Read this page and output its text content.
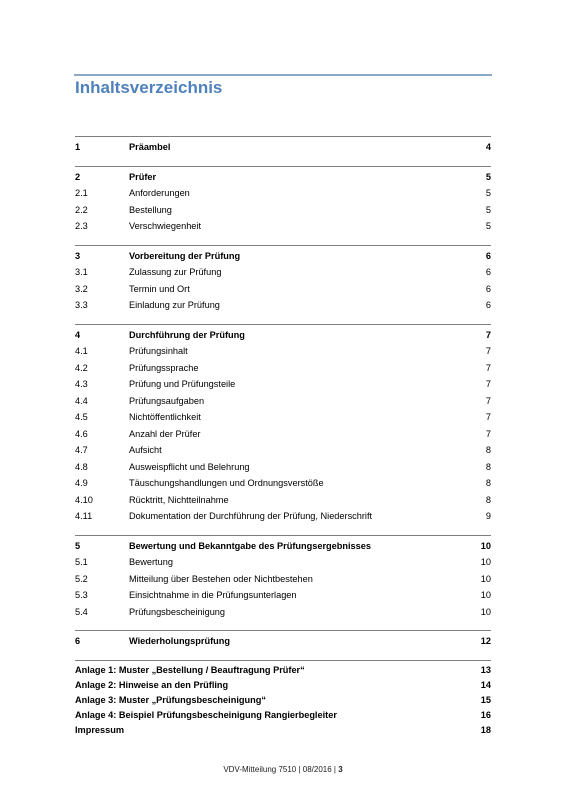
Inhaltsverzeichnis
1	Präambel	4
2	Prüfer	5
2.1	Anforderungen	5
2.2	Bestellung	5
2.3	Verschwiegenheit	5
3	Vorbereitung der Prüfung	6
3.1	Zulassung zur Prüfung	6
3.2	Termin und Ort	6
3.3	Einladung zur Prüfung	6
4	Durchführung der Prüfung	7
4.1	Prüfungsinhalt	7
4.2	Prüfungssprache	7
4.3	Prüfung und Prüfungsteile	7
4.4	Prüfungsaufgaben	7
4.5	Nichtöffentlichkeit	7
4.6	Anzahl der Prüfer	7
4.7	Aufsicht	8
4.8	Ausweispflicht und Belehrung	8
4.9	Täuschungshandlungen und Ordnungsverstöße	8
4.10	Rücktritt, Nichtteilnahme	8
4.11	Dokumentation der Durchführung der Prüfung, Niederschrift	9
5	Bewertung und Bekanntgabe des Prüfungsergebnisses	10
5.1	Bewertung	10
5.2	Mitteilung über Bestehen oder Nichtbestehen	10
5.3	Einsichtnahme in die Prüfungsunterlagen	10
5.4	Prüfungsbescheinigung	10
6	Wiederholungsprüfung	12
Anlage 1: Muster „Bestellung / Beauftragung Prüfer“	13
Anlage 2: Hinweise an den Prüfling	14
Anlage 3: Muster „Prüfungsbescheinigung“	15
Anlage 4: Beispiel Prüfungsbescheinigung Rangierbegleiter	16
Impressum	18
VDV-Mitteilung 7510 | 08/2016 | 3
